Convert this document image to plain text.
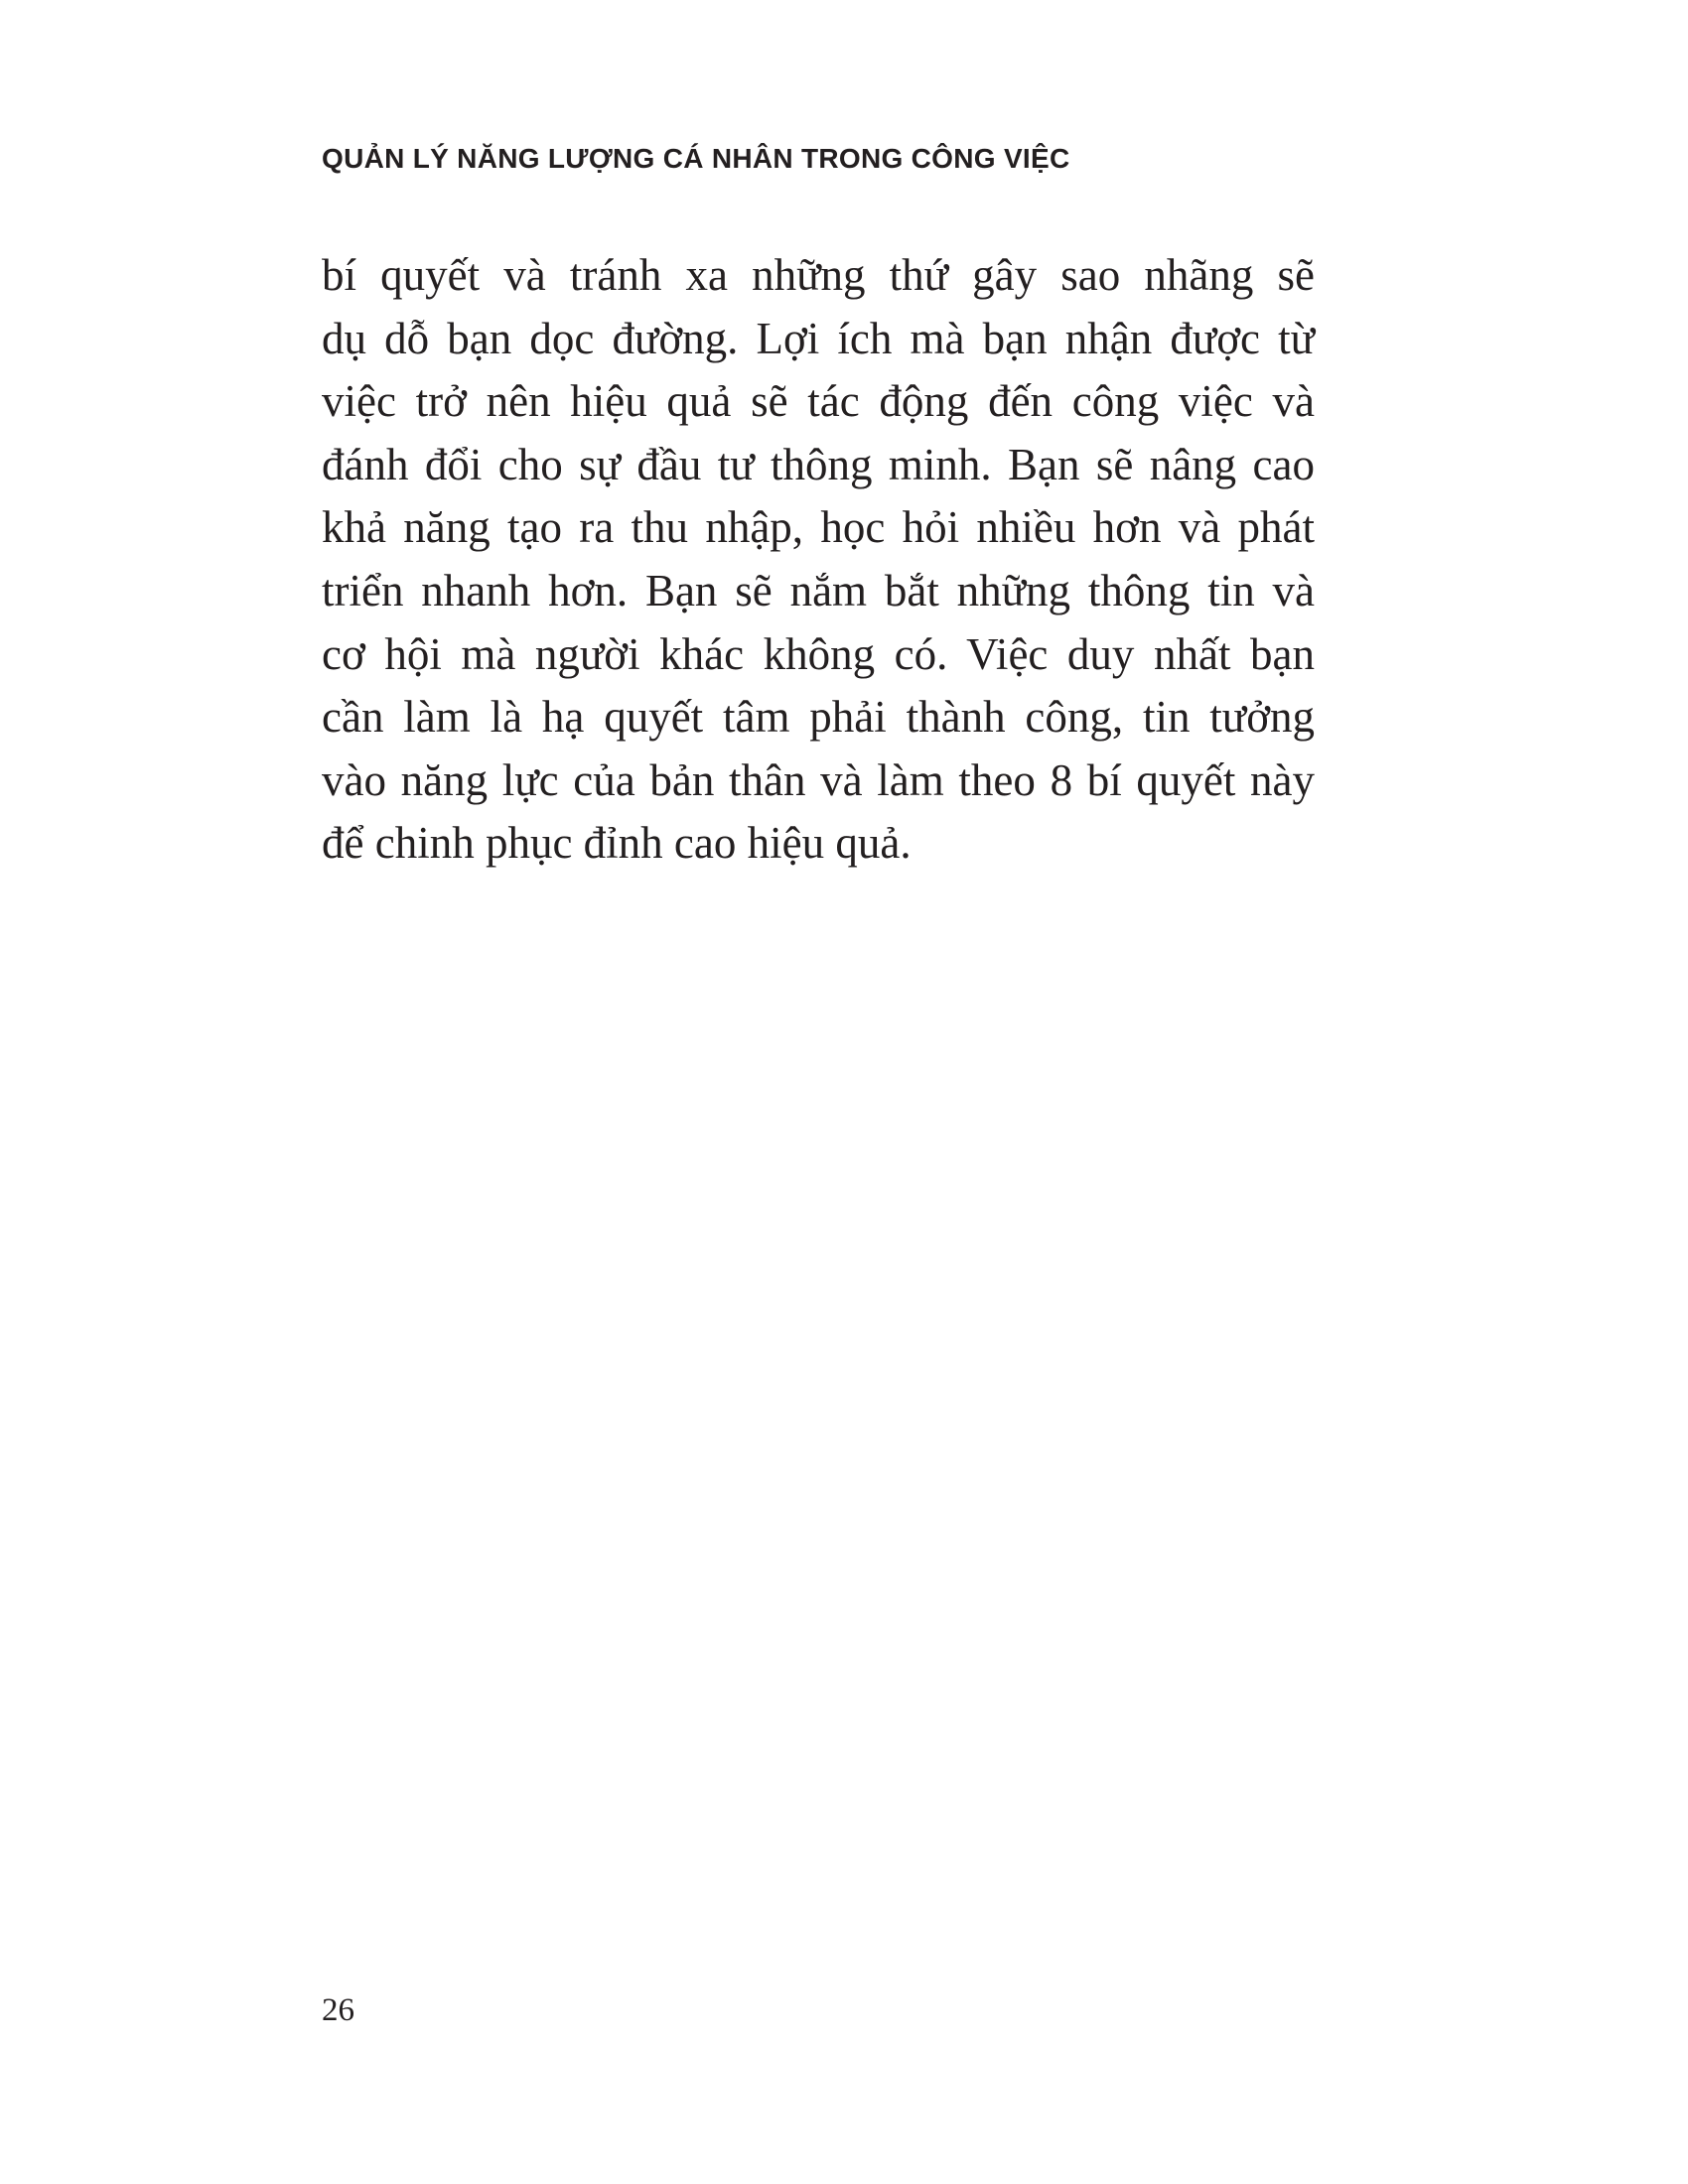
QUẢN LÝ NĂNG LƯỢNG CÁ NHÂN TRONG CÔNG VIỆC

bí quyết và tránh xa những thứ gây sao nhãng sẽ
dụ dỗ bạn dọc đường. Lợi ích mà bạn nhận được từ
việc trở nên hiệu quả sẽ tác động đến công việc và
đánh đổi cho sự đầu tư thông minh. Bạn sẽ nâng cao
khả năng tạo ra thu nhập, học hỏi nhiều hơn và phát
triển nhanh hơn. Bạn sẽ nắm bắt những thông tin và
cơ hội mà người khác không có. Việc duy nhất bạn
cần làm là hạ quyết tâm phải thành công, tin tưởng
vào năng lực của bản thân và làm theo 8 bí quyết này
để chinh phục đỉnh cao hiệu quả.

26
